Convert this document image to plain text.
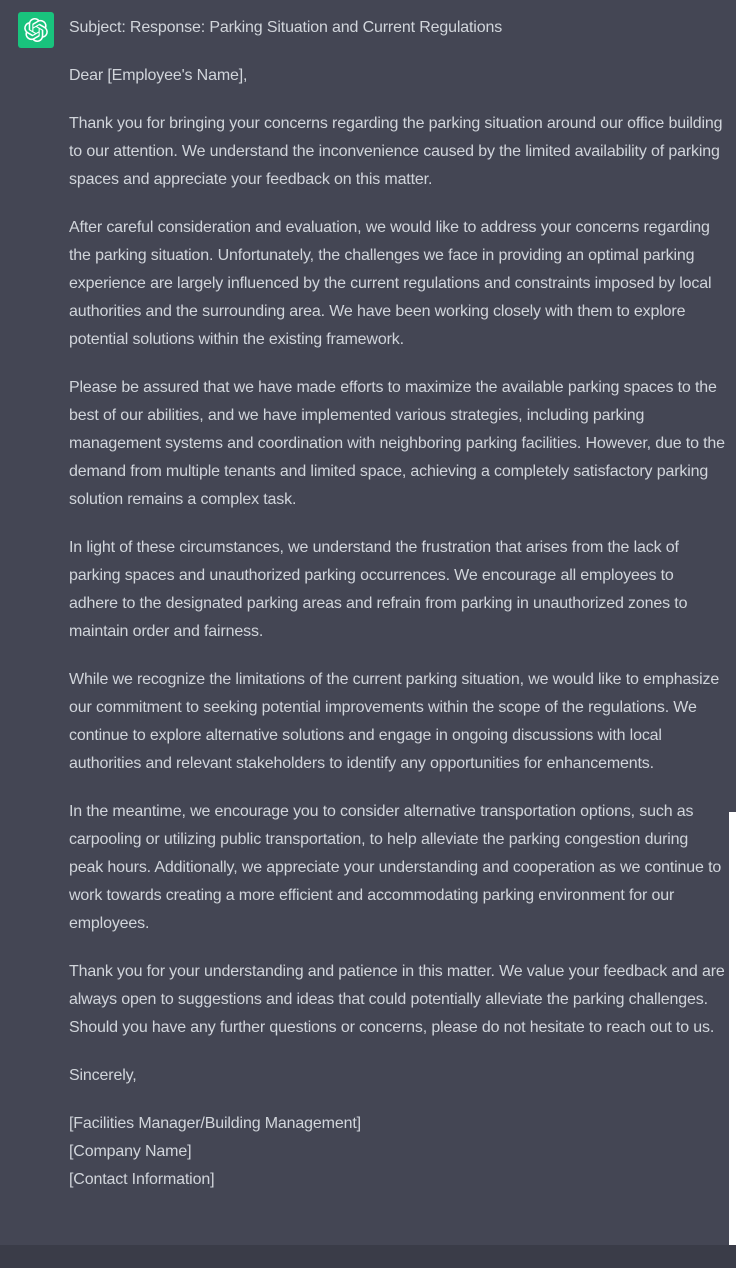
Subject: Response: Parking Situation and Current Regulations

Dear [Employee's Name],

Thank you for bringing your concerns regarding the parking situation around our office building to our attention. We understand the inconvenience caused by the limited availability of parking spaces and appreciate your feedback on this matter.

After careful consideration and evaluation, we would like to address your concerns regarding the parking situation. Unfortunately, the challenges we face in providing an optimal parking experience are largely influenced by the current regulations and constraints imposed by local authorities and the surrounding area. We have been working closely with them to explore potential solutions within the existing framework.

Please be assured that we have made efforts to maximize the available parking spaces to the best of our abilities, and we have implemented various strategies, including parking management systems and coordination with neighboring parking facilities. However, due to the demand from multiple tenants and limited space, achieving a completely satisfactory parking solution remains a complex task.

In light of these circumstances, we understand the frustration that arises from the lack of parking spaces and unauthorized parking occurrences. We encourage all employees to adhere to the designated parking areas and refrain from parking in unauthorized zones to maintain order and fairness.

While we recognize the limitations of the current parking situation, we would like to emphasize our commitment to seeking potential improvements within the scope of the regulations. We continue to explore alternative solutions and engage in ongoing discussions with local authorities and relevant stakeholders to identify any opportunities for enhancements.

In the meantime, we encourage you to consider alternative transportation options, such as carpooling or utilizing public transportation, to help alleviate the parking congestion during peak hours. Additionally, we appreciate your understanding and cooperation as we continue to work towards creating a more efficient and accommodating parking environment for our employees.

Thank you for your understanding and patience in this matter. We value your feedback and are always open to suggestions and ideas that could potentially alleviate the parking challenges. Should you have any further questions or concerns, please do not hesitate to reach out to us.

Sincerely,

[Facilities Manager/Building Management]
[Company Name]
[Contact Information]
